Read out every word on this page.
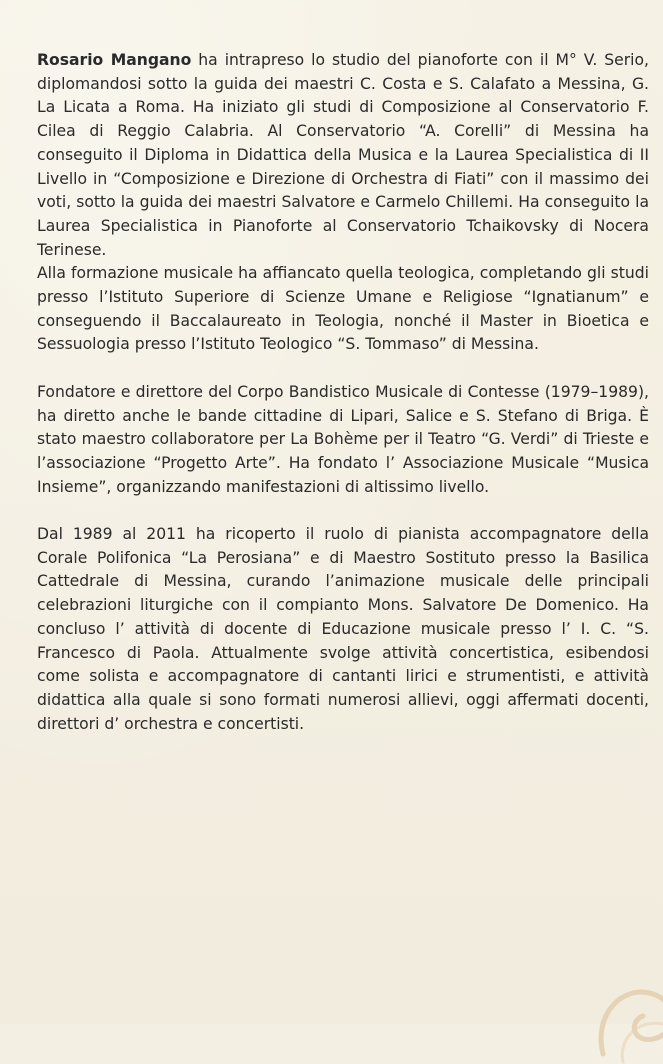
Rosario Mangano ha intrapreso lo studio del pianoforte con il M° V. Serio, diplomandosi sotto la guida dei maestri C. Costa e S. Calafato a Messina, G. La Licata a Roma. Ha iniziato gli studi di Composizione al Conservatorio F. Cilea di Reggio Calabria. Al Conservatorio “A. Corelli” di Messina ha conseguito il Diploma in Didattica della Musica e la Laurea Specialistica di II Livello in “Composizione e Direzione di Orchestra di Fiati” con il massimo dei voti, sotto la guida dei maestri Salvatore e Carmelo Chillemi. Ha conseguito la Laurea Specialistica in Pianoforte al Conservatorio Tchaikovsky di Nocera Terinese.

Alla formazione musicale ha affiancato quella teologica, completando gli studi presso l’Istituto Superiore di Scienze Umane e Religiose “Ignatianum” e conseguendo il Baccalaureato in Teologia, nonché il Master in Bioetica e Sessuologia presso l’Istituto Teologico “S. Tommaso” di Messina.

Fondatore e direttore del Corpo Bandistico Musicale di Contesse (1979–1989), ha diretto anche le bande cittadine di Lipari, Salice e S. Stefano di Briga. È stato maestro collaboratore per La Bohème per il Teatro “G. Verdi” di Trieste e l’associazione “Progetto Arte”. Ha fondato l’ Associazione Musicale “Musica Insieme”, organizzando manifestazioni di altissimo livello.

Dal 1989 al 2011 ha ricoperto il ruolo di pianista accompagnatore della Corale Polifonica “La Perosiana” e di Maestro Sostituto presso la Basilica Cattedrale di Messina, curando l’animazione musicale delle principali celebrazioni liturgiche con il compianto Mons. Salvatore De Domenico. Ha concluso l’ attività di docente di Educazione musicale presso l’ I. C. “S. Francesco di Paola. Attualmente svolge attività concertistica, esibendosi come solista e accompagnatore di cantanti lirici e strumentisti, e attività didattica alla quale si sono formati numerosi allievi, oggi affermati docenti, direttori d’ orchestra e concertisti.
